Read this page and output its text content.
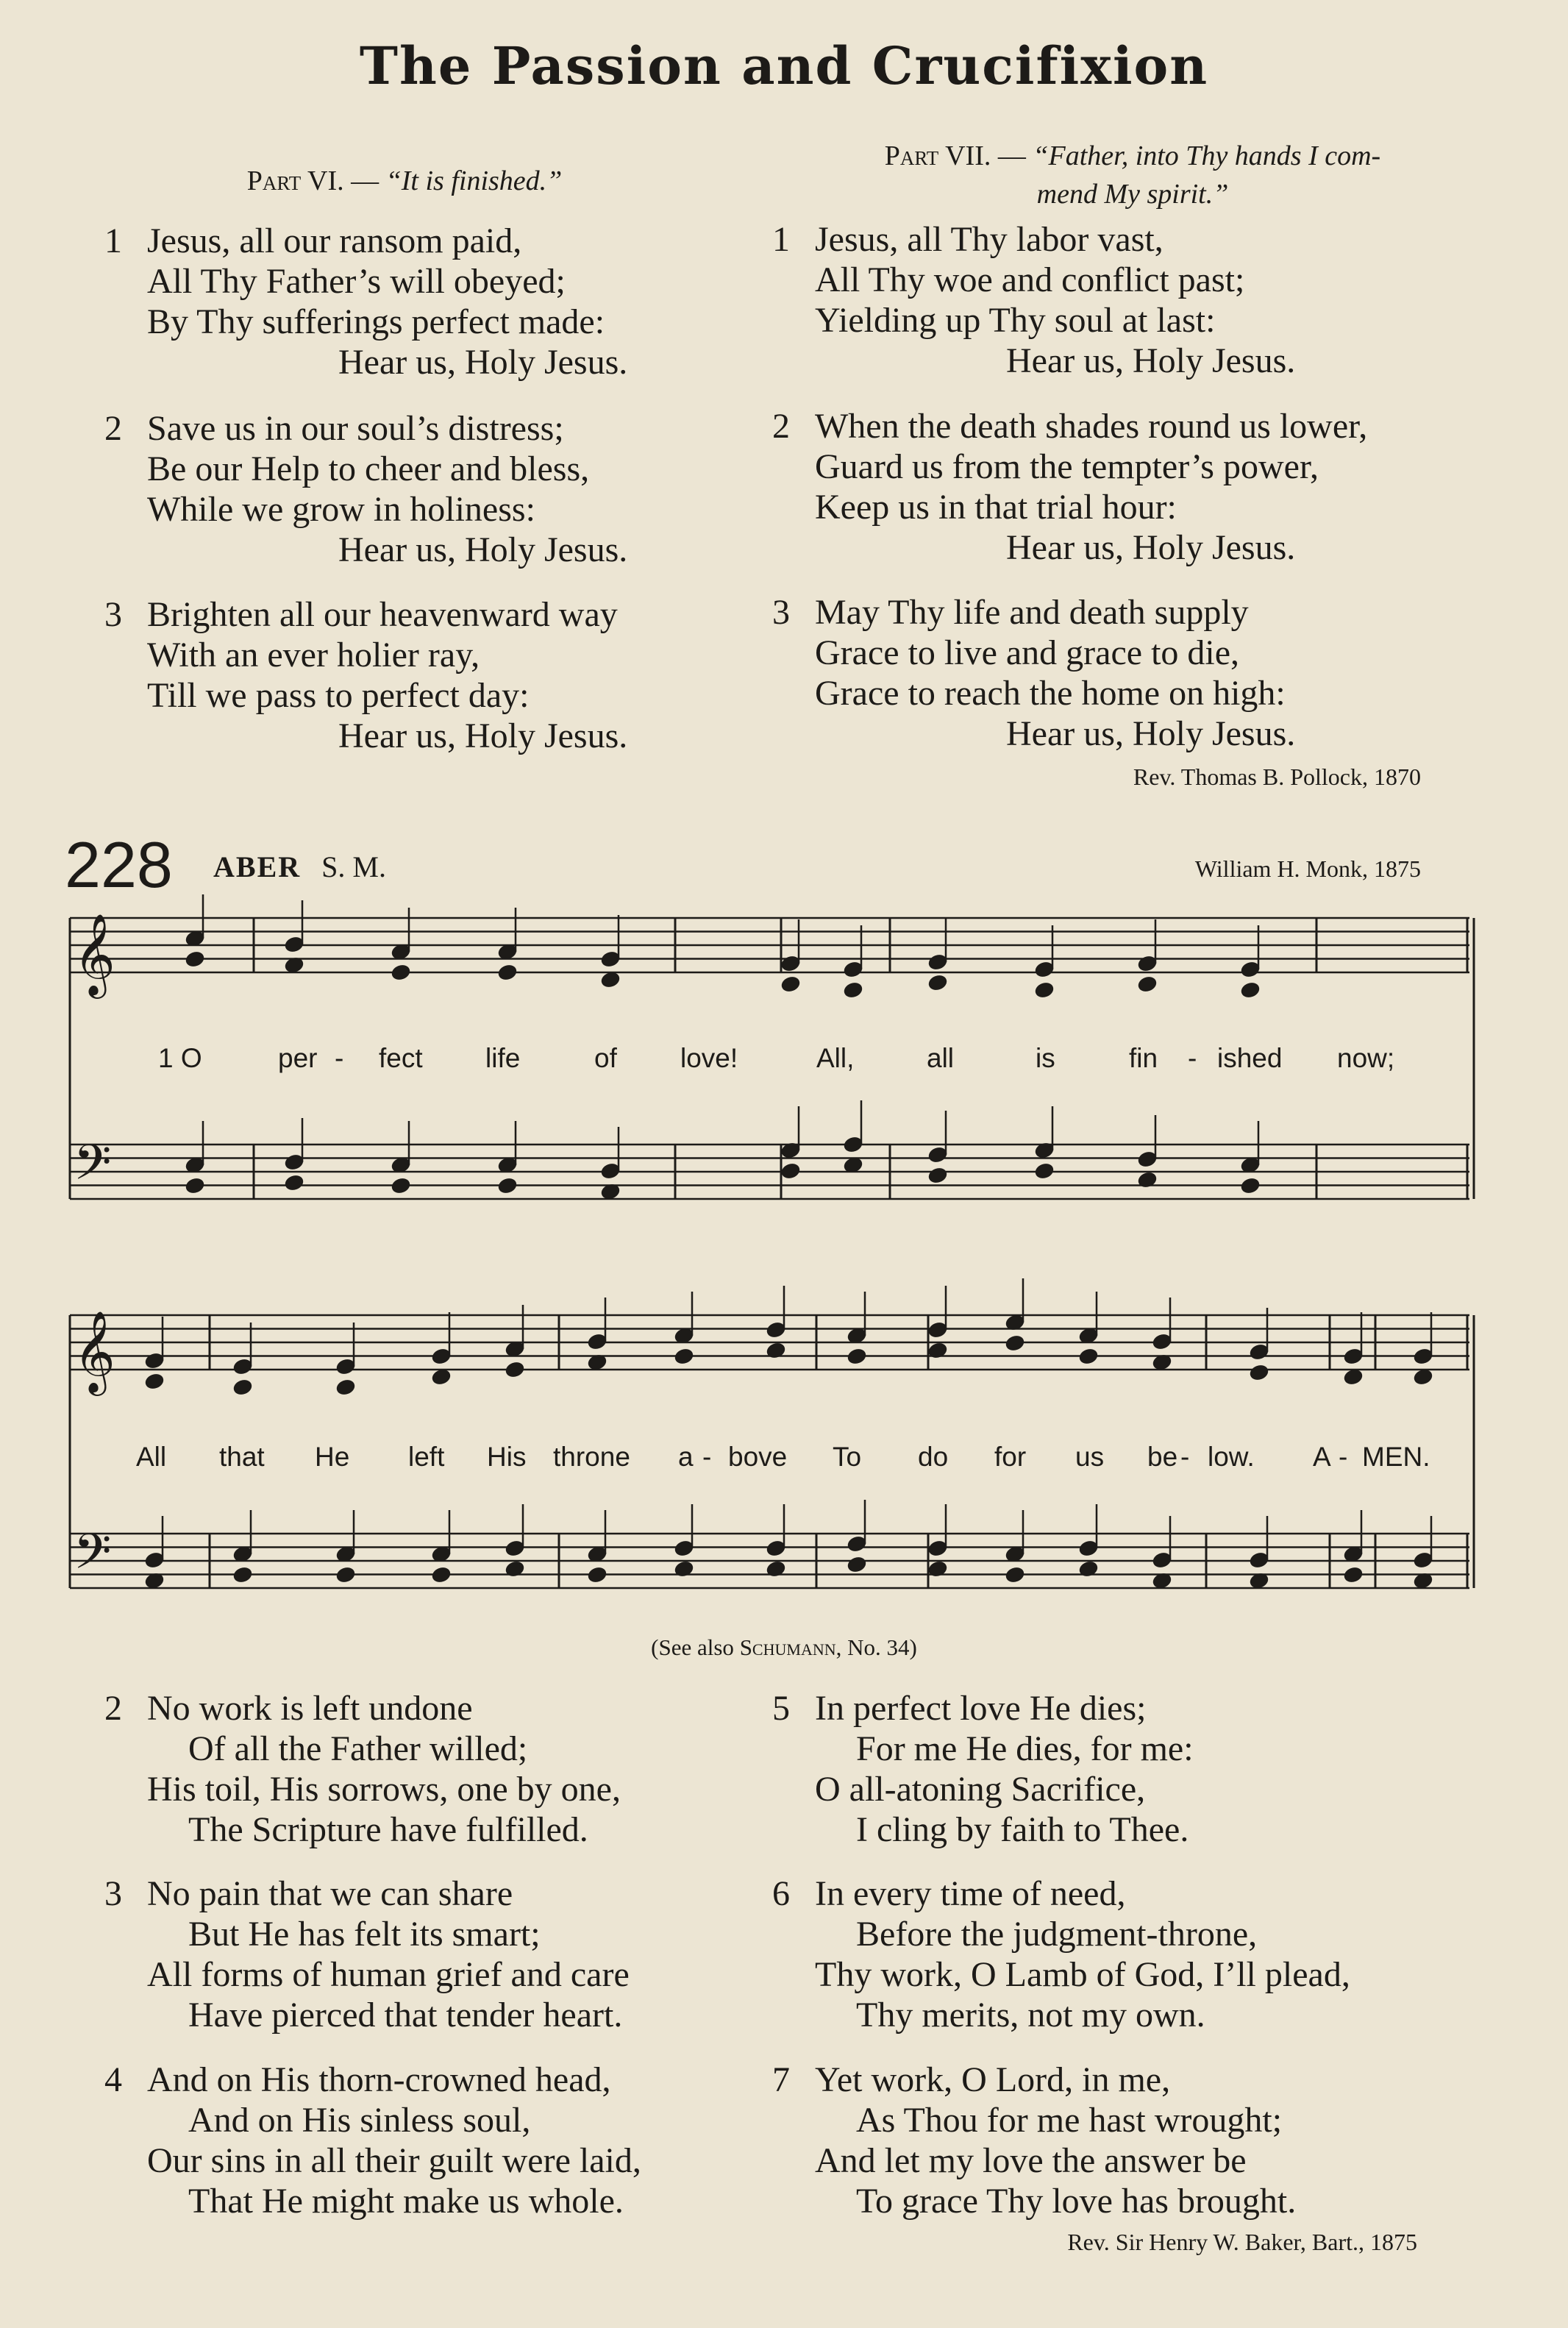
The Passion and Crucifixion
Part VI. — “It is finished.”
Part VII. — “Father, into Thy hands I com-
mend My spirit.”
1 Jesus, all our ransom paid,
All Thy Father’s will obeyed;
By Thy sufferings perfect made:
Hear us, Holy Jesus.
2 Save us in our soul’s distress;
Be our Help to cheer and bless,
While we grow in holiness:
Hear us, Holy Jesus.
3 Brighten all our heavenward way
With an ever holier ray,
Till we pass to perfect day:
Hear us, Holy Jesus.
1 Jesus, all Thy labor vast,
All Thy woe and conflict past;
Yielding up Thy soul at last:
Hear us, Holy Jesus.
2 When the death shades round us lower,
Guard us from the tempter’s power,
Keep us in that trial hour:
Hear us, Holy Jesus.
3 May Thy life and death supply
Grace to live and grace to die,
Grace to reach the home on high:
Hear us, Holy Jesus.
Rev. Thomas B. Pollock, 1870
228 ABER S. M.	William H. Monk, 1875
𝄞
𝄞
𝄢
𝄢
1 O	per - fect life	of love!	All,	all	is	fin - ished now;
All that He left His throne a - bove To do for us be - low. A - MEN.
(See also Schumann, No. 34)
2 No work is left undone
Of all the Father willed;
His toil, His sorrows, one by one,
The Scripture have fulfilled.
3 No pain that we can share
But He has felt its smart;
All forms of human grief and care
Have pierced that tender heart.
4 And on His thorn-crowned head,
And on His sinless soul,
Our sins in all their guilt were laid,
That He might make us whole.
5 In perfect love He dies;
For me He dies, for me:
O all-atoning Sacrifice,
I cling by faith to Thee.
6 In every time of need,
Before the judgment-throne,
Thy work, O Lamb of God, I’ll plead,
Thy merits, not my own.
7 Yet work, O Lord, in me,
As Thou for me hast wrought;
And let my love the answer be
To grace Thy love has brought.
Rev. Sir Henry W. Baker, Bart., 1875
